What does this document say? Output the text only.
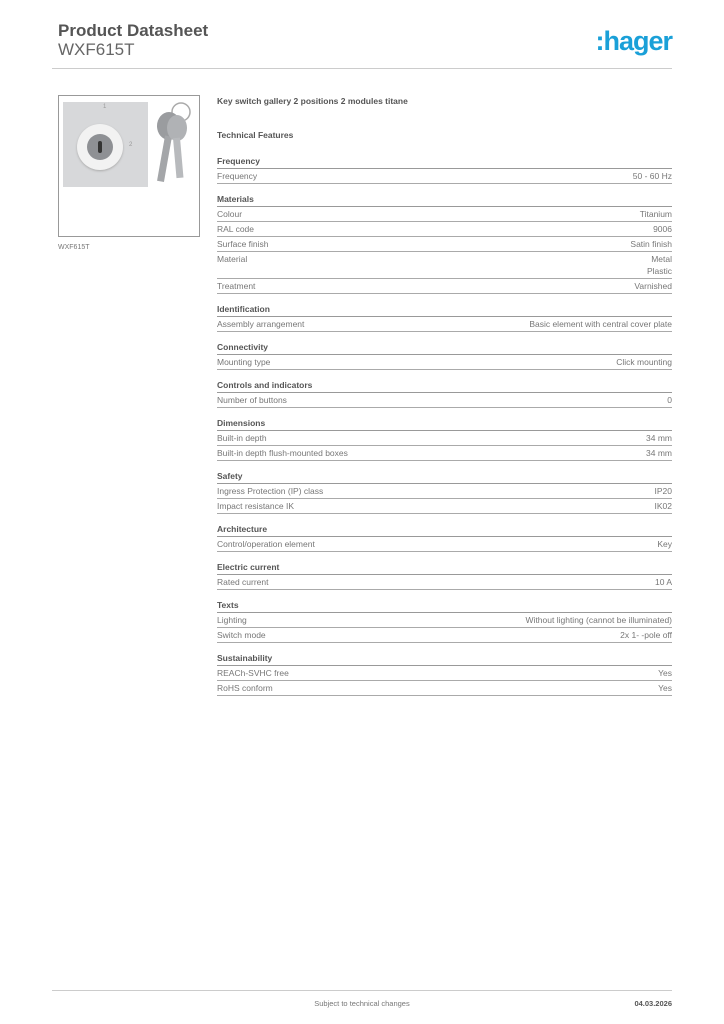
Product Datasheet
WXF615T	:hager
1
2
WXF615T
Key switch gallery 2 positions 2 modules titane
Technical Features
Frequency
Frequency	50 - 60 Hz
Materials
Colour	Titanium
RAL code	9006
Surface finish	Satin finish
Material	Metal
Plastic
Treatment	Varnished
Identification
Assembly arrangement	Basic element with central cover plate
Connectivity
Mounting type	Click mounting
Controls and indicators
Number of buttons	0
Dimensions
Built-in depth	34 mm
Built-in depth flush-mounted boxes	34 mm
Safety
Ingress Protection (IP) class	IP20
Impact resistance IK	IK02
Architecture
Control/operation element	Key
Electric current
Rated current	10 A
Texts
Lighting	Without lighting (cannot be illuminated)
Switch mode	2x 1- -pole off
Sustainability
REACh-SVHC free	Yes
RoHS conform	Yes
Subject to technical changes	04.03.2026
